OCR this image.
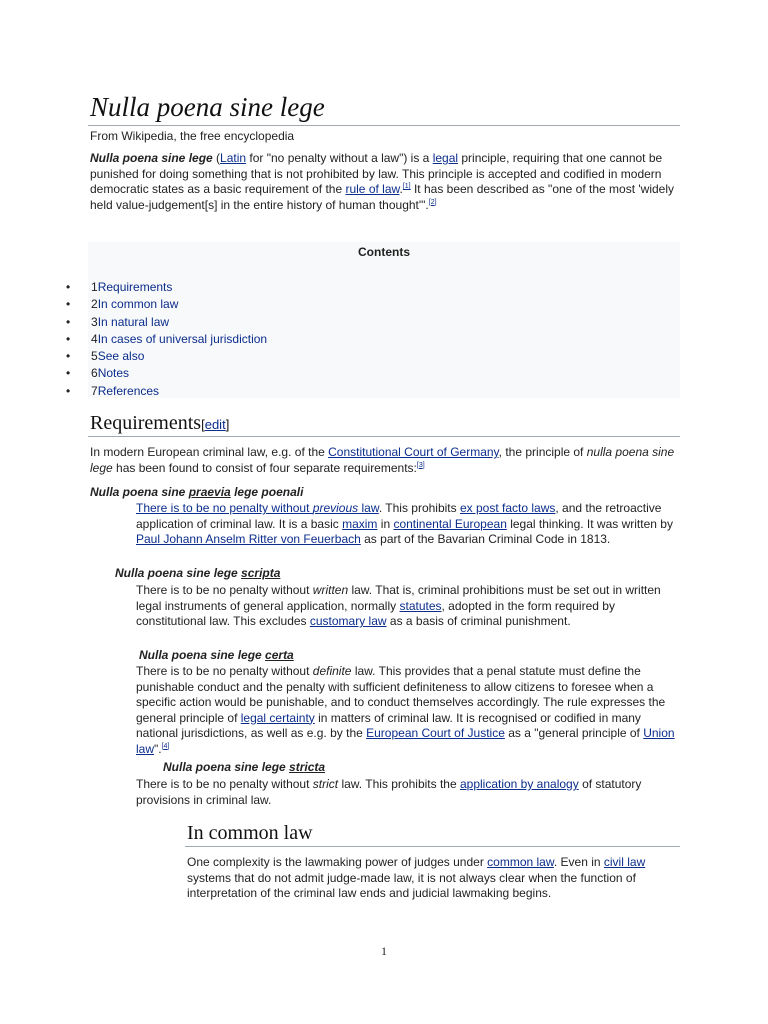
Nulla poena sine lege
From Wikipedia, the free encyclopedia

Nulla poena sine lege (Latin for "no penalty without a law") is a legal principle, requiring that one cannot be punished for doing something that is not prohibited by law. This principle is accepted and codified in modern democratic states as a basic requirement of the rule of law.[1] It has been described as "one of the most 'widely held value-judgement[s] in the entire history of human thought'".[2]

Contents
• 1Requirements
• 2In common law
• 3In natural law
• 4In cases of universal jurisdiction
• 5See also
• 6Notes
• 7References
Requirements[edit]

In modern European criminal law, e.g. of the Constitutional Court of Germany, the principle of nulla poena sine lege has been found to consist of four separate requirements:[3]

Nulla poena sine praevia lege poenali

There is to be no penalty without previous law. This prohibits ex post facto laws, and the retroactive application of criminal law. It is a basic maxim in continental European legal thinking. It was written by Paul Johann Anselm Ritter von Feuerbach as part of the Bavarian Criminal Code in 1813.

Nulla poena sine lege scripta

There is to be no penalty without written law. That is, criminal prohibitions must be set out in written legal instruments of general application, normally statutes, adopted in the form required by constitutional law. This excludes customary law as a basis of criminal punishment.

Nulla poena sine lege certa

There is to be no penalty without definite law. This provides that a penal statute must define the punishable conduct and the penalty with sufficient definiteness to allow citizens to foresee when a specific action would be punishable, and to conduct themselves accordingly. The rule expresses the general principle of legal certainty in matters of criminal law. It is recognised or codified in many national jurisdictions, as well as e.g. by the European Court of Justice as a "general principle of Union law".[4]

Nulla poena sine lege stricta

There is to be no penalty without strict law. This prohibits the application by analogy of statutory provisions in criminal law.

In common law

One complexity is the lawmaking power of judges under common law. Even in civil law systems that do not admit judge-made law, it is not always clear when the function of interpretation of the criminal law ends and judicial lawmaking begins.

1
